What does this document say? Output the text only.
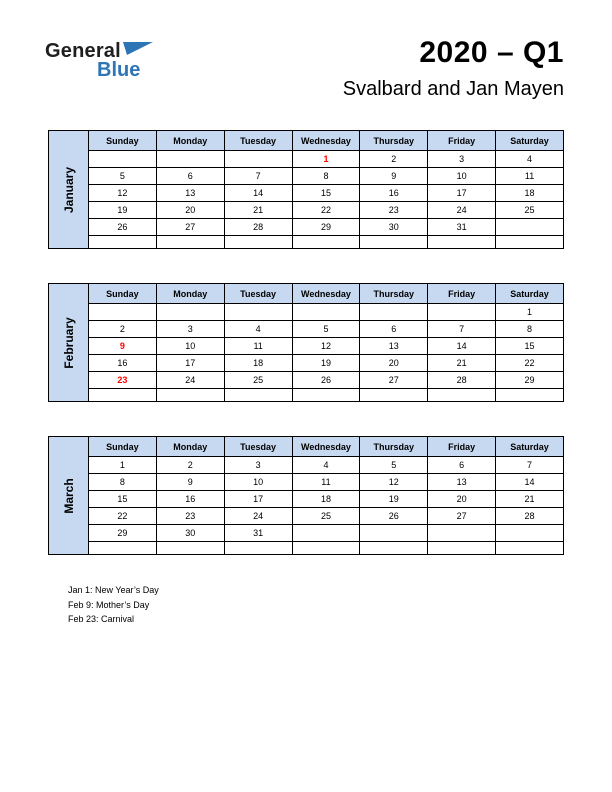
General
Blue
2020 – Q1
Svalbard and Jan Mayen
January	Sunday	Monday	Tuesday	Wednesday	Thursday	Friday	Saturday
				1	2	3	4
	5	6	7	8	9	10	11
	12	13	14	15	16	17	18
	19	20	21	22	23	24	25
	26	27	28	29	30	31	

February	Sunday	Monday	Tuesday	Wednesday	Thursday	Friday	Saturday
							1
	2	3	4	5	6	7	8
	9	10	11	12	13	14	15
	16	17	18	19	20	21	22
	23	24	25	26	27	28	29

March	Sunday	Monday	Tuesday	Wednesday	Thursday	Friday	Saturday
	1	2	3	4	5	6	7
	8	9	10	11	12	13	14
	15	16	17	18	19	20	21
	22	23	24	25	26	27	28
	29	30	31				

Jan 1: New Year’s Day
Feb 9: Mother’s Day
Feb 23: Carnival
